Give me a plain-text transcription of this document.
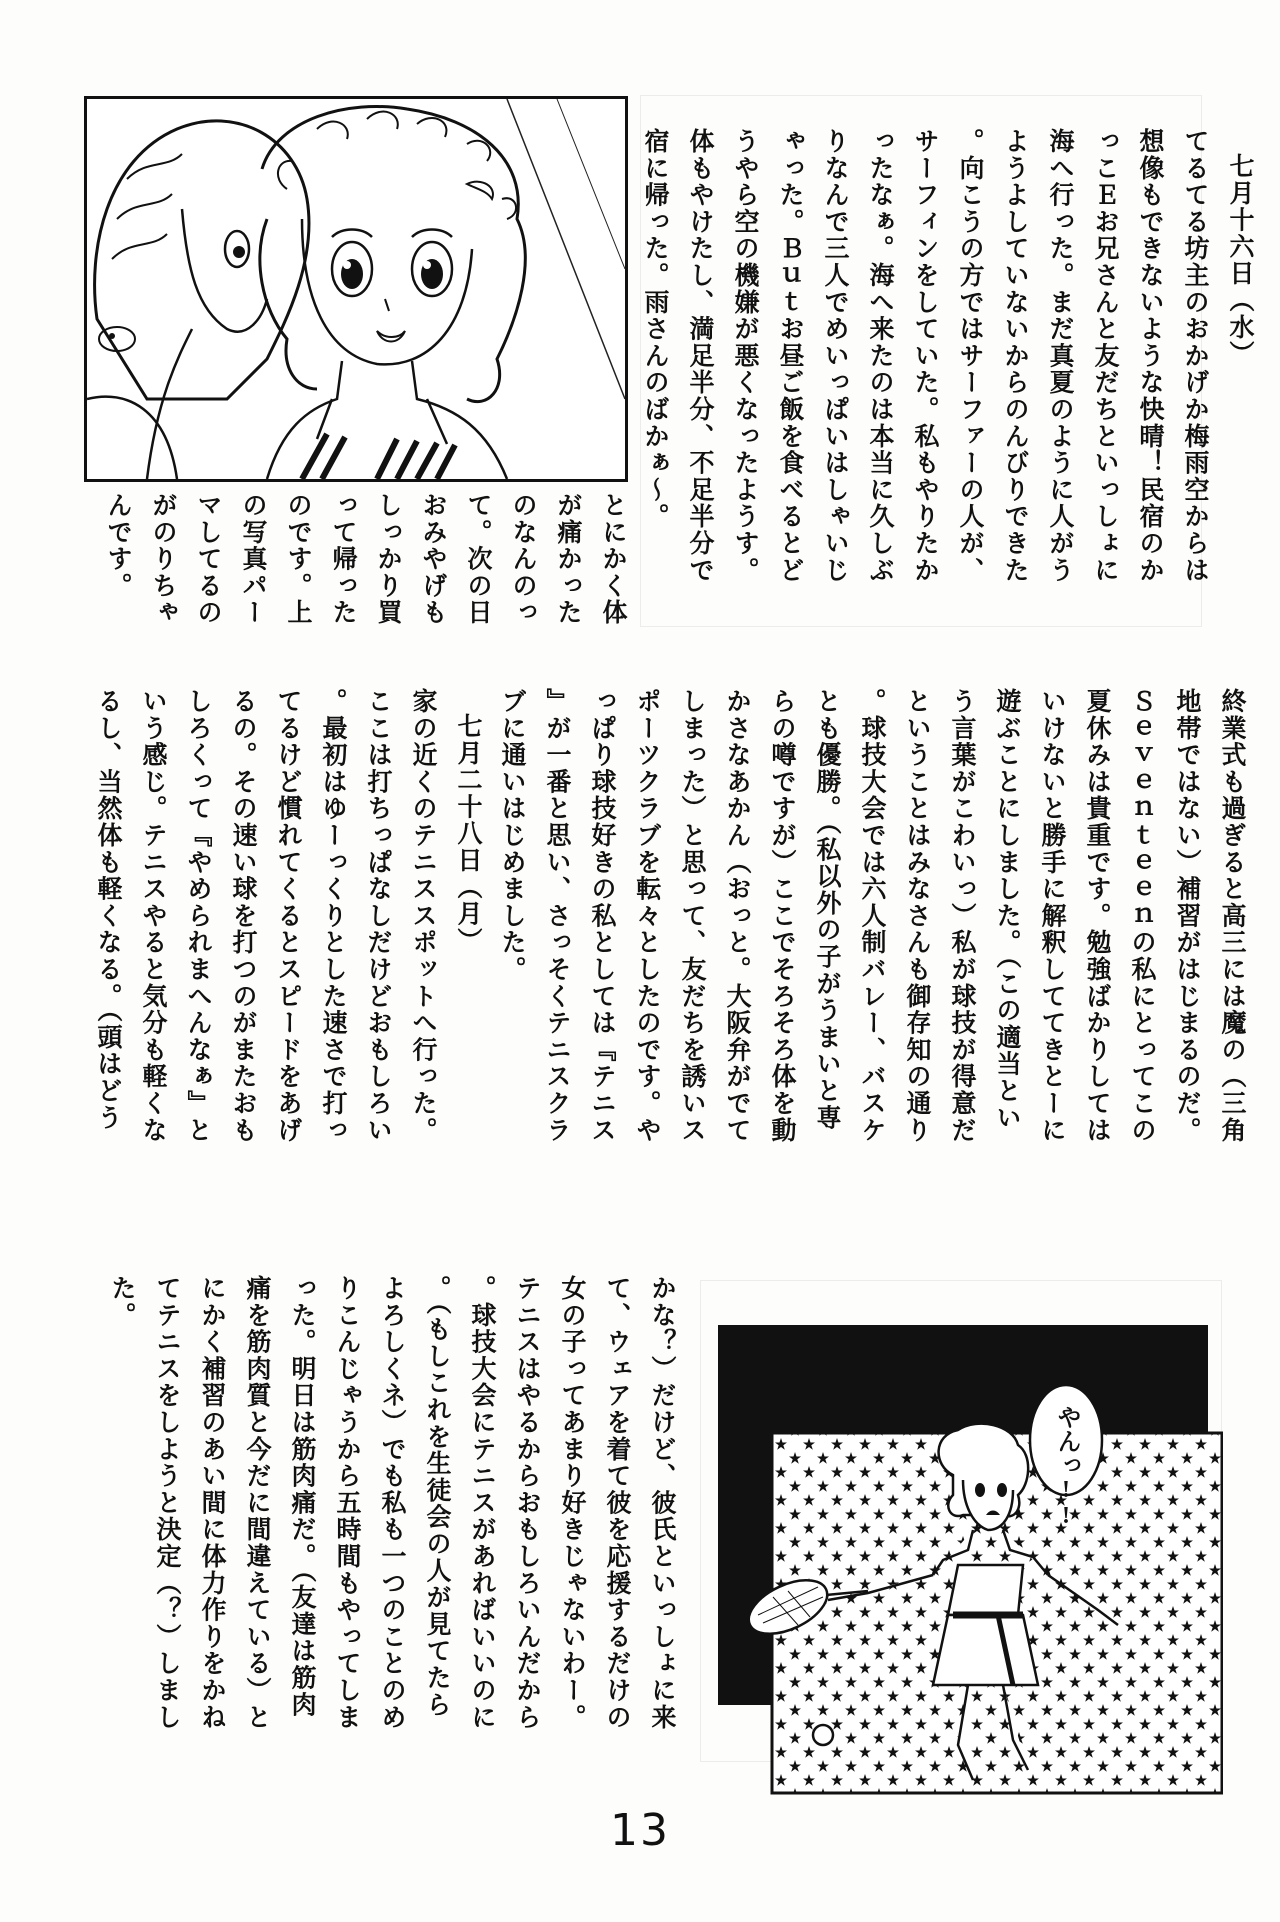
七月十六日（水）

てるてる坊主のおかげか梅雨空からは

想像もできないような快晴！民宿のか

っこＥお兄さんと友だちといっしょに

海へ行った。まだ真夏のように人がう

ようよしていないからのんびりできた

。向こうの方ではサーファーの人が、

サーフィンをしていた。私もやりたか

ったなぁ。海へ来たのは本当に久しぶ

りなんで三人でめいっぱいはしゃいじ

ゃった。Ｂｕｔお昼ご飯を食べるとど

うやら空の機嫌が悪くなったようす。

体もやけたし、満足半分、不足半分で

宿に帰った。雨さんのばかぁ～。

とにかく体

が痛かった

のなんのっ

て。次の日

おみやげも

しっかり買

って帰った

のです。上

の写真パー

マしてるの

がのりちゃ

んです。

終業式も過ぎると高三には魔の（三角

地帯ではない）補習がはじまるのだ。

Ｓｅｖｅｎｔｅｅｎの私にとってこの

夏休みは貴重です。勉強ばかりしては

いけないと勝手に解釈しててきとーに

遊ぶことにしました。（この適当とい

う言葉がこわいっ）私が球技が得意だ

ということはみなさんも御存知の通り

。球技大会では六人制バレー、バスケ

とも優勝。（私以外の子がうまいと専

らの噂ですが）ここでそろそろ体を動

かさなあかん（おっと。大阪弁がでて

しまった）と思って、友だちを誘いス

ポーツクラブを転々としたのです。や

っぱり球技好きの私としては『テニス

』が一番と思い、さっそくテニスクラ

ブに通いはじめました。

七月二十八日（月）

家の近くのテニススポットへ行った。

ここは打ちっぱなしだけどおもしろい

。最初はゆーっくりとした速さで打っ

てるけど慣れてくるとスピードをあげ

るの。その速い球を打つのがまたおも

しろくって『やめられまへんなぁ』と

いう感じ。テニスやると気分も軽くな

るし、当然体も軽くなる。（頭はどう

かな？）だけど、彼氏といっしょに来

て、ウェアを着て彼を応援するだけの

女の子ってあまり好きじゃないわー。

テニスはやるからおもしろいんだから

。球技大会にテニスがあればいいのに

。（もしこれを生徒会の人が見てたら

よろしくネ）でも私も一つのことのめ

りこんじゃうから五時間もやってしま

った。明日は筋肉痛だ。（友達は筋肉

痛を筋肉質と今だに間違えている）と

にかく補習のあい間に体力作りをかね

てテニスをしようと決定（？）しまし

た。

やんっ!!
13
